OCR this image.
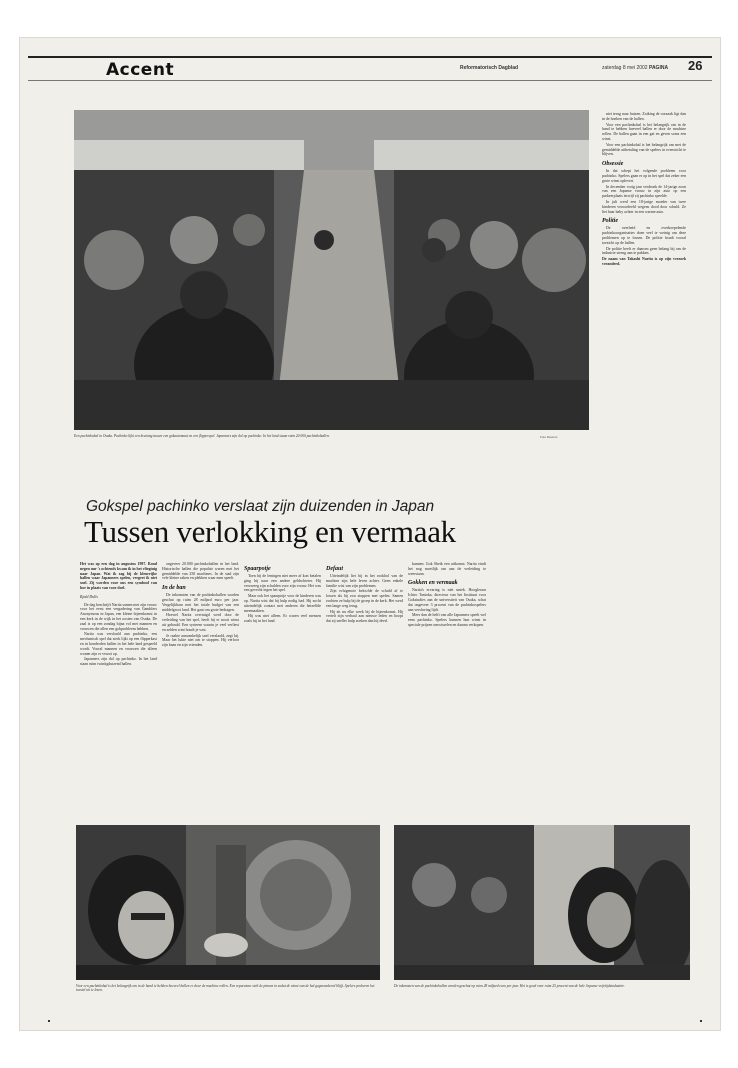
Accent	Reformatorisch Dagblad	zaterdag 8 mei 2002 PAGINA 26
Een pachinkohal in Osaka. Pachinko lijkt een kruising tussen een gokautomaat en een flipperspel. Japanners zijn dol op pachinko. In het land staan ruim 20.000 pachinkohallen.	Foto Reuters
Gokspel pachinko verslaat zijn duizenden in Japan
Tussen verlokking en vermaak

Het was op een dag in augustus 1997. Rond negen uur 's ochtends kwam ik in het vliegtuig naar Japan. Wat ik zag bij de kleurrijke hallen waar Japanners spelen, vergeet ik niet snel. Zij worden voor ons een symbool van hoe in plaats van voor doel.

Rjald Dulls

De dag beschrijft Narita samen met zijn vrouw voor het eerst een vergadering van Gamblers Anonymous in Japan, een kleine bijeenkomst in een kerk in de wijk in het oosten van Osaka. De zaal is op een zondag bijna vol met mannen en vrouwen die allen een gokprobleem hebben.

Narita was verslaafd aan pachinko, een mechanisch spel dat sterk lijkt op een flipperkast en in honderden hallen in het hele land gespeeld wordt. Vooral mannen en vrouwen die alleen wonen zijn er verzot op.

Japanners zijn dol op pachinko. In het land staan ruim twintigduizend hallen.

ongeveer 20.000 pachinkohallen in het land. Historische hallen die populair waren met het gemiddelde van 250 machines. In de stad zijn vele kleine zaken en plekken waar men speelt.

In de ban

De inkomsten van de pachinkohallen worden geschat op ruim 28 miljard euro per jaar. Vergelijkbaar met het totale budget van een middelgroot land. Het gaat om grote bedragen.

Hoewel Narita overtuigd werd door de verleiding van het spel, heeft hij er nooit winst uit gehaald. Een systeem waarin je veel verliest en zelden wint houdt je vast.

Je raakte aanvankelijk snel verslaafd, zegt hij. Maar het lukte niet om te stoppen. Hij verloor zijn baan en zijn vrienden.

Spaarpotje

Toen hij de leningen niet meer af kon betalen ging hij naar een andere geldschieter. Hij verzweeg zijn schulden voor zijn vrouw. Het was een gevecht tegen het spel.

Maar ook het spaarpotje voor de kinderen was op. Narita wist dat hij hulp nodig had. Hij zocht uiteindelijk contact met anderen die hetzelfde meemaakten.

Hij was niet alleen. Er waren veel mensen zoals hij in het land.

Defaut

Uiteindelijk liet hij in het rookhol van de machine zijn hele leven achter. Geen enkele familie wist van zijn problemen.

Zijn echtgenote beloofde de schuld af te lossen als hij zou stoppen met spelen. Samen zochten ze hulp bij de groep in de kerk. Het werd een lange weg terug.

Hij zit nu elke week bij de bijeenkomst. Hij vertelt zijn verhaal aan nieuwe leden en hoopt dat zij sneller hulp zoeken dan hij deed.

kunnen. Gok Sheik een uitkomst. Narita vindt het nog moeilijk om aan de verleiding te weerstaan.

Gokken en vermaak

Narita's ervaring is niet uniek. Hoogleraar Ichiro Tanioka, directeur van het Instituut voor Gokstudies aan de universiteit van Osaka, schat dat ongeveer 3 procent van de pachinkospelers aan verslaving lijdt.

Meer dan de helft van alle Japanners speelt wel eens pachinko. Spelers kunnen hun winst in speciale prijzen omwisselen en daarna verkopen.

niet terug naar huizen. Zoiking de oorzaak ligt dan in de hoeken van de hallen.

Voor een pachinkohal is het belangrijk om in de hand te hebben hoeveel ballen er door de machine rollen. De ballen gaan in een gat en geven soms een winst.

Voor een pachinkohal is het belangrijk om met de gemiddelde uitbetaling van de spelers in evenwicht te blijven.

Obsessie

In dat schept het volgende probleem voor pachinko. Spelers gaan er op in het spel dat zeker een grote winst oplevert.

In december vorig jaar verdronk de 14-jarige zoon van een Japanse vrouw in zijn auto op een parkeerplaats terwijl zij pachinko speelde.

In juli werd een 18-jarige moeder van twee kinderen veroordeeld wegens dood door schuld. Ze liet haar baby achter in een warme auto.

Politie

De overheid en overkoepelende pachinkoorganisaties doen veel te weinig om deze problemen op te lossen. De politie houdt vooral toezicht op de hallen.

De politie heeft er daarom geen belang bij om de industrie streng aan te pakken.

De naam van Takashi Narita is op zijn verzoek veranderd.

Voor een pachinkohal is het belangrijk om in de hand te hebben hoeveel ballen er door de machine rollen. Een reparateur stelt de pinnen in zodat de winst van de hal gegarandeerd blijft. Spelers proberen het toestel uit te lezen.
De inkomsten van de pachinkohallen worden geschat op ruim 28 miljard euro per jaar. Het is goed voor ruim 25 procent van de hele Japanse vrijetijdsindustrie.
